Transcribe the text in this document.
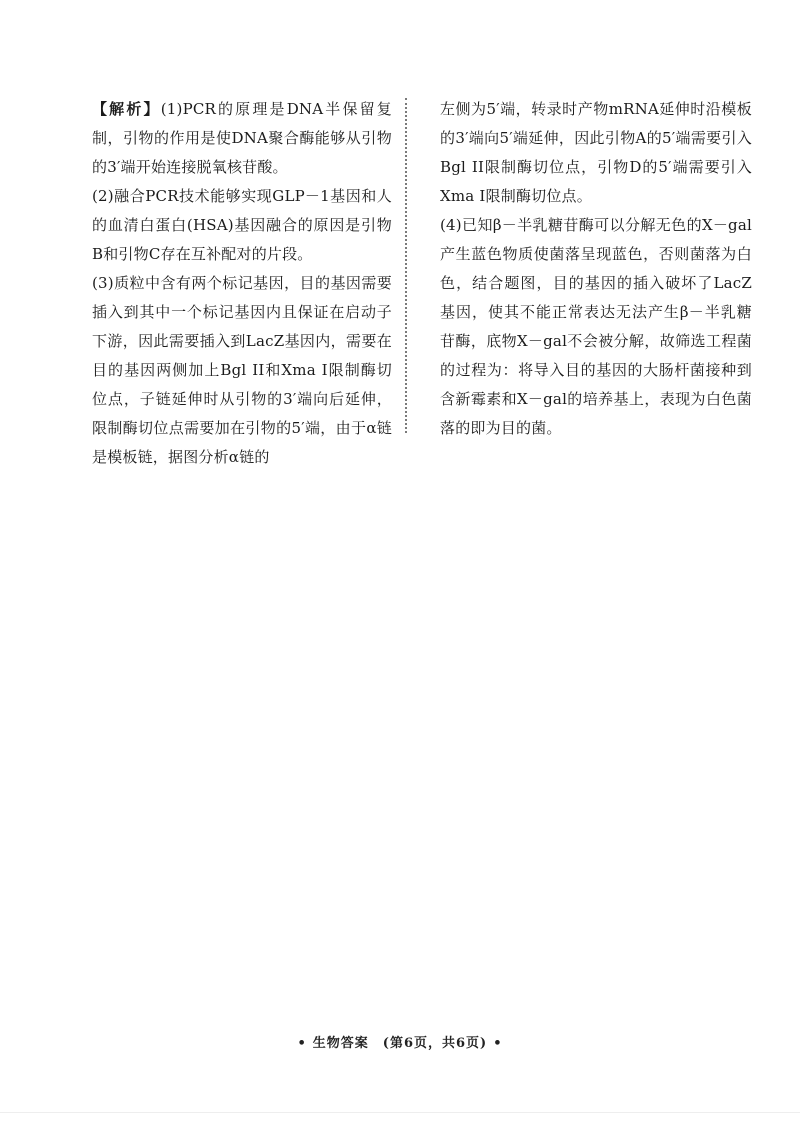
【解析】(1)PCR的原理是DNA半保留复制，引物的作用是使DNA聚合酶能够从引物的3′端开始连接脱氧核苷酸。

(2)融合PCR技术能够实现GLP－1基因和人的血清白蛋白(HSA)基因融合的原因是引物B和引物C存在互补配对的片段。

(3)质粒中含有两个标记基因，目的基因需要插入到其中一个标记基因内且保证在启动子下游，因此需要插入到LacZ基因内，需要在目的基因两侧加上Bgl II和Xma I限制酶切位点，子链延伸时从引物的3′端向后延伸，限制酶切位点需要加在引物的5′端，由于α链是模板链，据图分析α链的

左侧为5′端，转录时产物mRNA延伸时沿模板的3′端向5′端延伸，因此引物A的5′端需要引入Bgl II限制酶切位点，引物D的5′端需要引入Xma I限制酶切位点。

(4)已知β－半乳糖苷酶可以分解无色的X－gal产生蓝色物质使菌落呈现蓝色，否则菌落为白色，结合题图，目的基因的插入破坏了LacZ基因，使其不能正常表达无法产生β－半乳糖苷酶，底物X－gal不会被分解，故筛选工程菌的过程为：将导入目的基因的大肠杆菌接种到含新霉素和X－gal的培养基上，表现为白色菌落的即为目的菌。

• 生物答案 (第6页，共6页) •
